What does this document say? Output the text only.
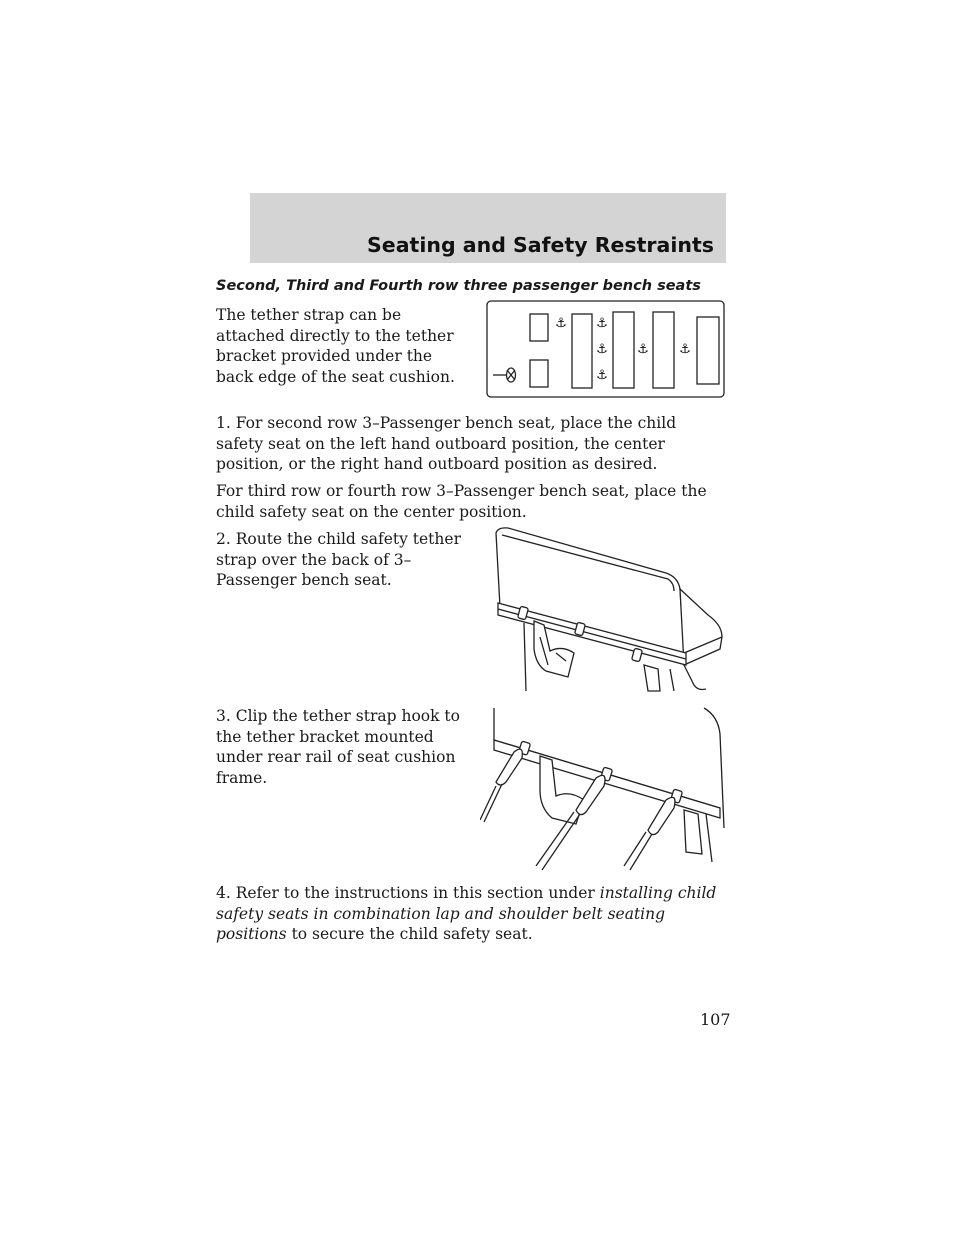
Seating and Safety Restraints
Second, Third and Fourth row three passenger bench seats
The tether strap can be attached directly to the tether bracket provided under the back edge of the seat cushion.
⚓ ⚓
⚓
⚓
⚓ ⚓
1. For second row 3–Passenger bench seat, place the child safety seat on the left hand outboard position, the center position, or the right hand outboard position as desired.
For third row or fourth row 3–Passenger bench seat, place the child safety seat on the center position.
2. Route the child safety tether strap over the back of 3–Passenger bench seat.
3. Clip the tether strap hook to the tether bracket mounted under rear rail of seat cushion frame.
4. Refer to the instructions in this section under installing child safety seats in combination lap and shoulder belt seating positions to secure the child safety seat.
107
